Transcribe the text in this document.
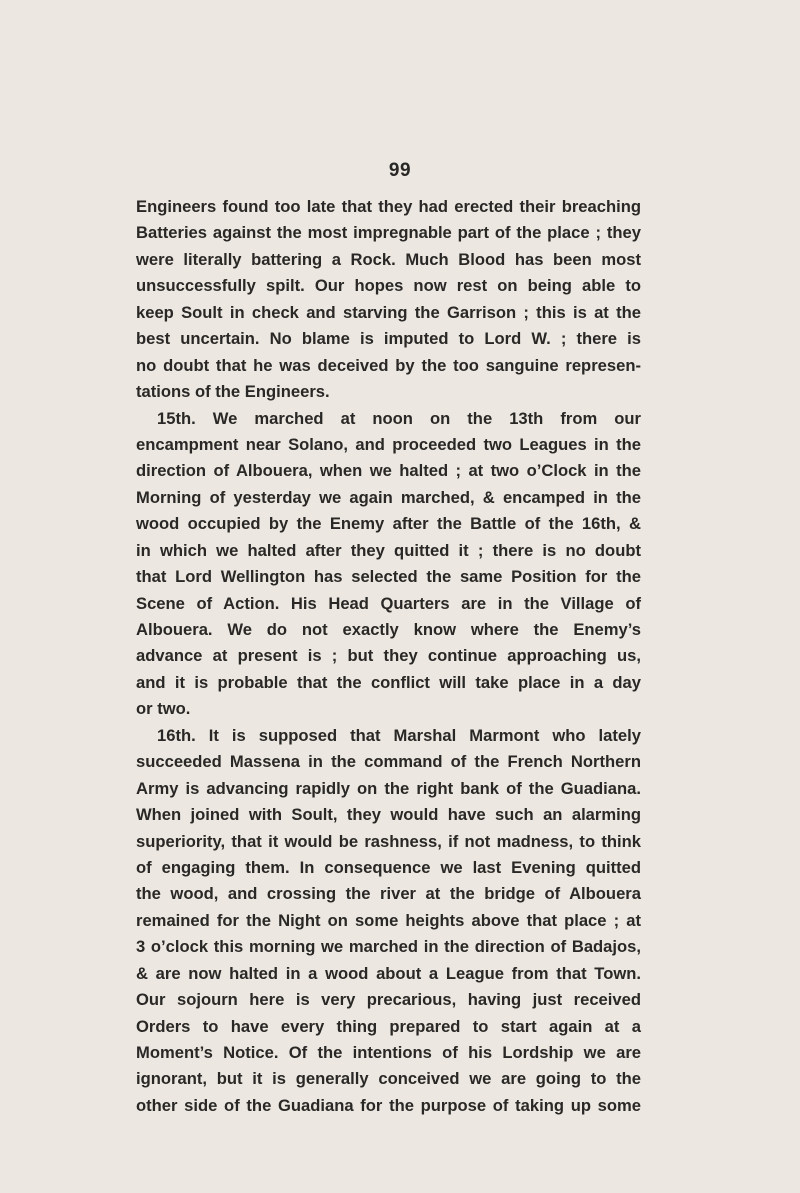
99
Engineers found too late that they had erected their breaching
Batteries against the most impregnable part of the place ; they
were literally battering a Rock. Much Blood has been most
unsuccessfully spilt. Our hopes now rest on being able to
keep Soult in check and starving the Garrison ; this is at the
best uncertain. No blame is imputed to Lord W. ; there is
no doubt that he was deceived by the too sanguine represen-
tations of the Engineers.
15th. We marched at noon on the 13th from our
encampment near Solano, and proceeded two Leagues in the
direction of Albouera, when we halted ; at two o’Clock in the
Morning of yesterday we again marched, & encamped in the
wood occupied by the Enemy after the Battle of the 16th, &
in which we halted after they quitted it ; there is no doubt
that Lord Wellington has selected the same Position for the
Scene of Action. His Head Quarters are in the Village of
Albouera. We do not exactly know where the Enemy’s
advance at present is ; but they continue approaching us,
and it is probable that the conflict will take place in a day
or two.
16th. It is supposed that Marshal Marmont who lately
succeeded Massena in the command of the French Northern
Army is advancing rapidly on the right bank of the Guadiana.
When joined with Soult, they would have such an alarming
superiority, that it would be rashness, if not madness, to think
of engaging them. In consequence we last Evening quitted
the wood, and crossing the river at the bridge of Albouera
remained for the Night on some heights above that place ; at
3 o’clock this morning we marched in the direction of Badajos,
& are now halted in a wood about a League from that Town.
Our sojourn here is very precarious, having just received
Orders to have every thing prepared to start again at a
Moment’s Notice. Of the intentions of his Lordship we are
ignorant, but it is generally conceived we are going to the
other side of the Guadiana for the purpose of taking up some
